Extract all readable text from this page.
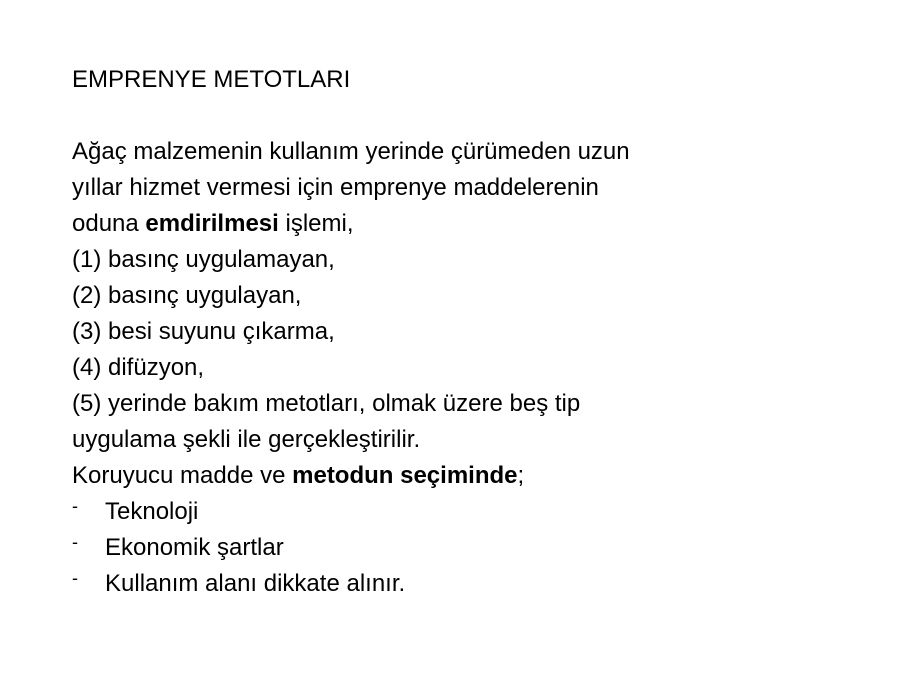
EMPRENYE METOTLARI
Ağaç malzemenin kullanım yerinde çürümeden uzun
yıllar hizmet vermesi için emprenye maddelerenin
oduna emdirilmesi işlemi,
(1) basınç uygulamayan,
(2) basınç uygulayan,
(3) besi suyunu çıkarma,
(4) difüzyon,
(5) yerinde bakım metotları, olmak üzere beş tip
uygulama şekli ile gerçekleştirilir.
Koruyucu madde ve metodun seçiminde;
- Teknoloji
- Ekonomik şartlar
- Kullanım alanı dikkate alınır.
